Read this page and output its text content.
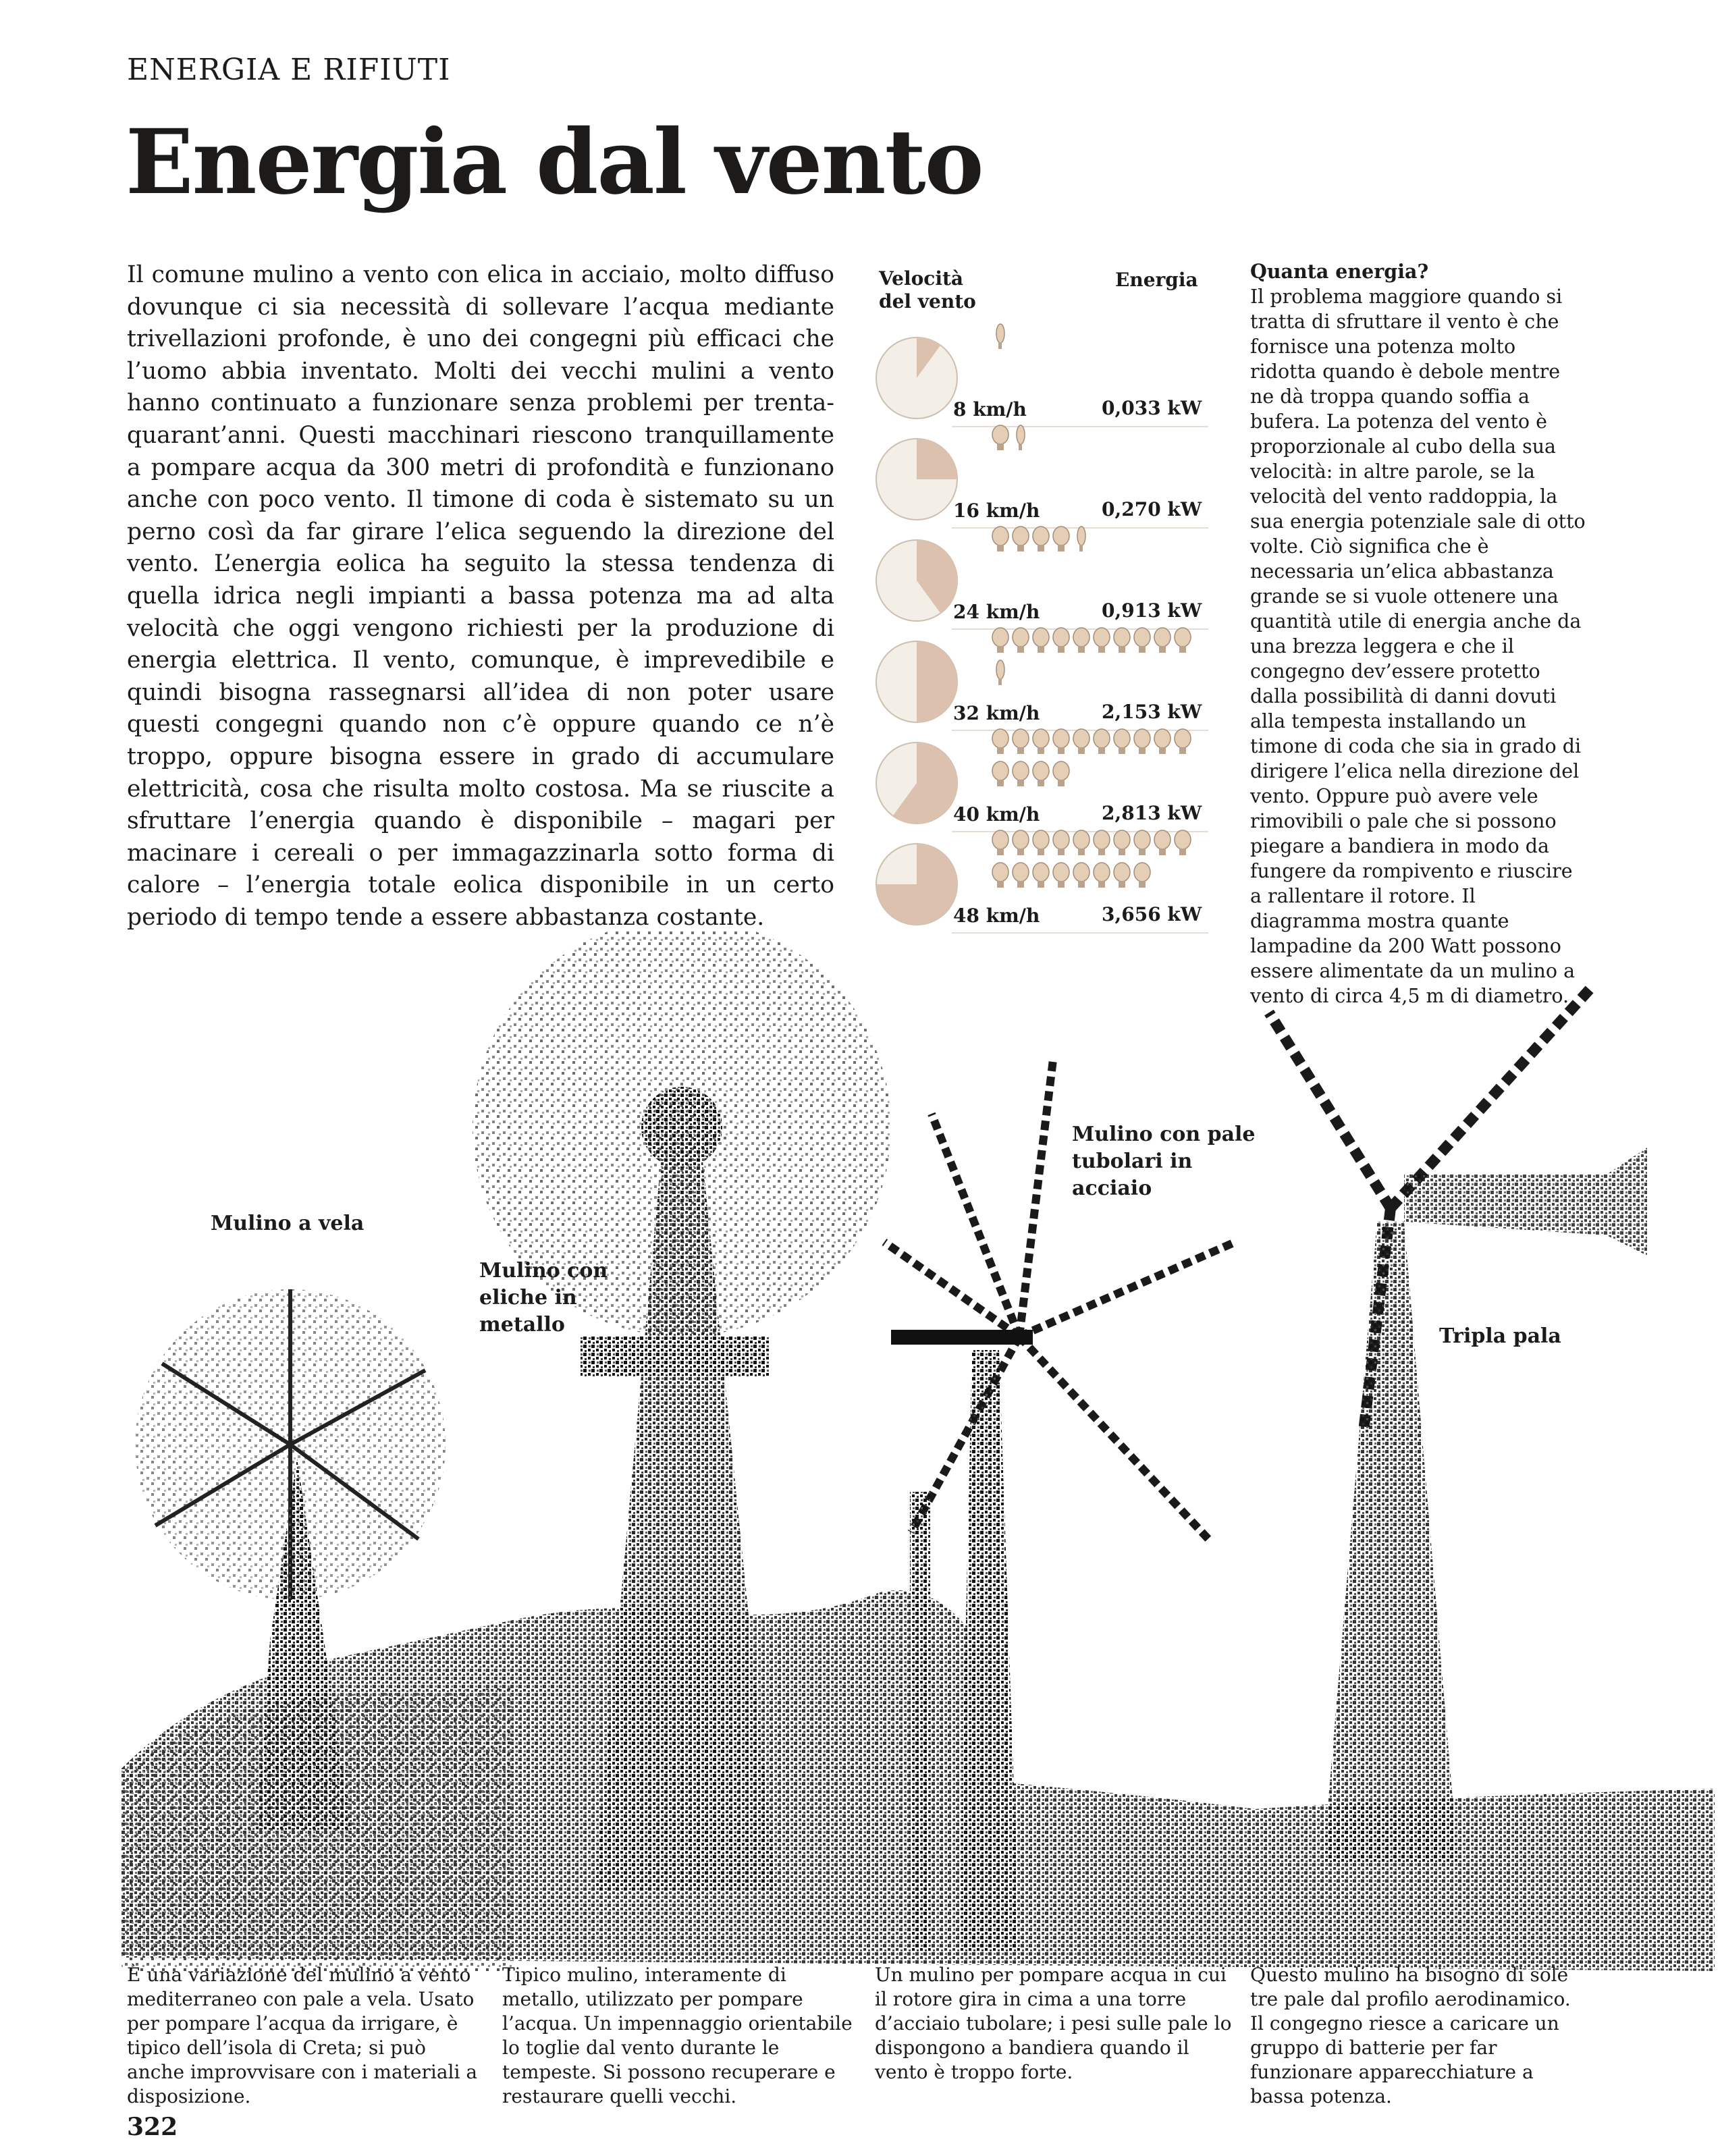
ENERGIA E RIFIUTI
Energia dal vento
Il comune mulino a vento con elica in acciaio, molto diffuso dovunque ci sia necessità di sollevare l’acqua mediante trivellazioni profonde, è uno dei congegni più efficaci che l’uomo abbia inventato. Molti dei vecchi mulini a vento hanno continuato a funzionare senza problemi per trenta-quarant’anni. Questi macchinari riescono tranquillamente a pompare acqua da 300 metri di profondità e funzionano anche con poco vento. Il timone di coda è sistemato su un perno così da far girare l’elica seguendo la direzione del vento. L’energia eolica ha seguito la stessa tendenza di quella idrica negli impianti a bassa potenza ma ad alta velocità che oggi vengono richiesti per la produzione di energia elettrica. Il vento, comunque, è imprevedibile e quindi bisogna rassegnarsi all’idea di non poter usare questi congegni quando non c’è oppure quando ce n’è troppo, oppure bisogna essere in grado di accumulare elettricità, cosa che risulta molto costosa. Ma se riuscite a sfruttare l’energia quando è disponibile – magari per macinare i cereali o per immagazzinarla sotto forma di calore – l’energia totale eolica disponibile in un certo periodo di tempo tende a essere abbastanza costante.
Velocità
del vento
Energia
8 km/h	0,033 kW
16 km/h	0,270 kW
24 km/h	0,913 kW
32 km/h	2,153 kW
40 km/h	2,813 kW
48 km/h	3,656 kW
Quanta energia?
Il problema maggiore quando si tratta di sfruttare il vento è che fornisce una potenza molto ridotta quando è debole mentre ne dà troppa quando soffia a bufera. La potenza del vento è proporzionale al cubo della sua velocità: in altre parole, se la velocità del vento raddoppia, la sua energia potenziale sale di otto volte. Ciò significa che è necessaria un’elica abbastanza grande se si vuole ottenere una quantità utile di energia anche da una brezza leggera e che il congegno dev’essere protetto dalla possibilità di danni dovuti alla tempesta installando un timone di coda che sia in grado di dirigere l’elica nella direzione del vento. Oppure può avere vele rimovibili o pale che si possono piegare a bandiera in modo da fungere da rompivento e riuscire a rallentare il rotore. Il diagramma mostra quante lampadine da 200 Watt possono essere alimentate da un mulino a vento di circa 4,5 m di diametro.
Mulino a vela
Mulino con
eliche in
metallo
Mulino con pale
tubolari in
acciaio
Tripla pala
È una variazione del mulino a vento mediterraneo con pale a vela. Usato per pompare l’acqua da irrigare, è tipico dell’isola di Creta; si può anche improvvisare con i materiali a disposizione.
Tipico mulino, interamente di metallo, utilizzato per pompare l’acqua. Un impennaggio orientabile lo toglie dal vento durante le tempeste. Si possono recuperare e restaurare quelli vecchi.
Un mulino per pompare acqua in cui il rotore gira in cima a una torre d’acciaio tubolare; i pesi sulle pale lo dispongono a bandiera quando il vento è troppo forte.
Questo mulino ha bisogno di sole tre pale dal profilo aerodinamico. Il congegno riesce a caricare un gruppo di batterie per far funzionare apparecchiature a bassa potenza.
322
